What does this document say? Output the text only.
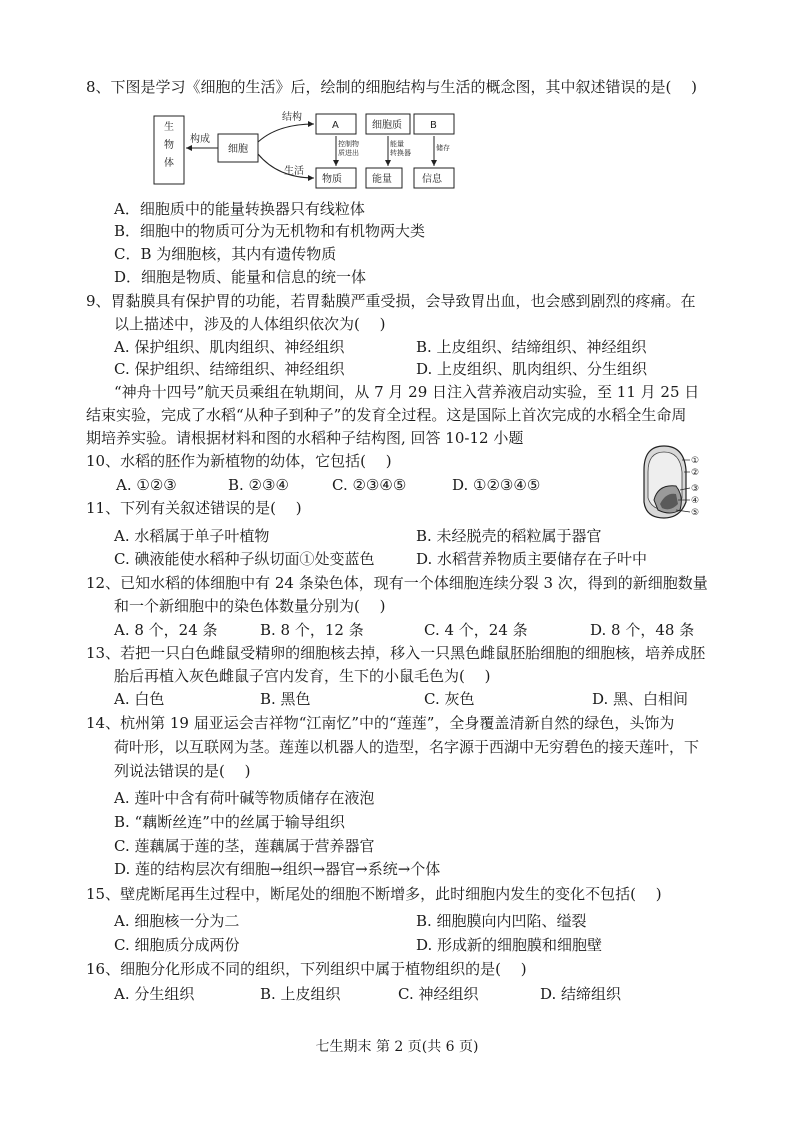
8、下图是学习《细胞的生活》后，绘制的细胞结构与生活的概念图，其中叙述错误的是(　 )
生
物
体
构成
细胞
结构
生活
A	细胞质	B
物质	能量	信息
控制物
质进出
能量
转换器
储存
A．细胞质中的能量转换器只有线粒体
B．细胞中的物质可分为无机物和有机物两大类
C．B 为细胞核，其内有遗传物质
D．细胞是物质、能量和信息的统一体
9、胃黏膜具有保护胃的功能，若胃黏膜严重受损，会导致胃出血，也会感到剧烈的疼痛。在
以上描述中，涉及的人体组织依次为(　 )
A. 保护组织、肌肉组织、神经组织	B. 上皮组织、结缔组织、神经组织
C. 保护组织、结缔组织、神经组织	D. 上皮组织、肌肉组织、分生组织
“神舟十四号”航天员乘组在轨期间，从 7 月 29 日注入营养液启动实验，至 11 月 25 日
结束实验，完成了水稻“从种子到种子”的发育全过程。这是国际上首次完成的水稻全生命周
期培养实验。请根据材料和图的水稻种子结构图, 回答 10-12 小题
①
②
③
④
⑤
10、水稻的胚作为新植物的幼体，它包括(　 )
A. ①②③	B. ②③④	C. ②③④⑤	D. ①②③④⑤
11、下列有关叙述错误的是(　 )
A. 水稻属于单子叶植物	B. 未经脱壳的稻粒属于器官
C. 碘液能使水稻种子纵切面①处变蓝色	D. 水稻营养物质主要储存在子叶中
12、已知水稻的体细胞中有 24 条染色体，现有一个体细胞连续分裂 3 次，得到的新细胞数量
和一个新细胞中的染色体数量分别为(　 )
A. 8 个，24 条	B. 8 个，12 条	C. 4 个，24 条	D. 8 个，48 条
13、若把一只白色雌鼠受精卵的细胞核去掉，移入一只黑色雌鼠胚胎细胞的细胞核，培养成胚
胎后再植入灰色雌鼠子宫内发育，生下的小鼠毛色为(　 )
A. 白色	B. 黑色	C. 灰色	D. 黑、白相间
14、杭州第 19 届亚运会吉祥物“江南忆”中的“莲莲”，全身覆盖清新自然的绿色，头饰为
荷叶形，以互联网为茎。莲莲以机器人的造型，名字源于西湖中无穷碧色的接天莲叶，下
列说法错误的是(　 )
A. 莲叶中含有荷叶碱等物质储存在液泡
B. “藕断丝连”中的丝属于输导组织
C. 莲藕属于莲的茎，莲藕属于营养器官
D. 莲的结构层次有细胞→组织→器官→系统→个体
15、壁虎断尾再生过程中，断尾处的细胞不断增多，此时细胞内发生的变化不包括(　 )
A. 细胞核一分为二	B. 细胞膜向内凹陷、缢裂
C. 细胞质分成两份	D. 形成新的细胞膜和细胞壁
16、细胞分化形成不同的组织，下列组织中属于植物组织的是(　 )
A. 分生组织	B. 上皮组织	C. 神经组织	D. 结缔组织
七生期末 第 2 页(共 6 页)
